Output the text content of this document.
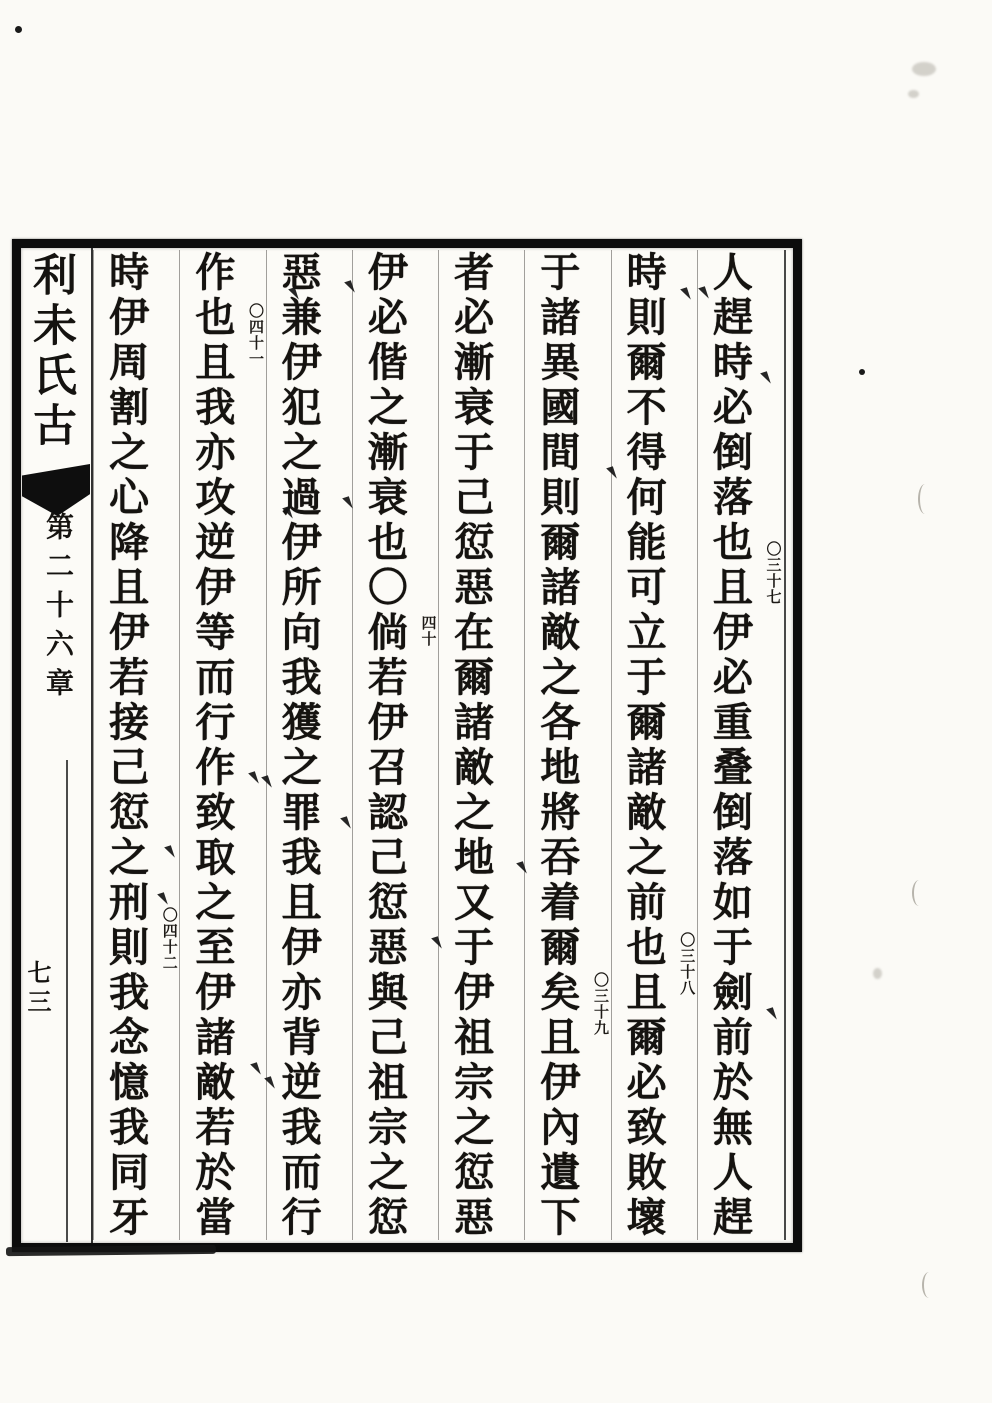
利未氏古
第二十六章
七三
人
趕
時
必
倒
落
也
且
伊
必
重
叠
倒
落
如
于
劍
前
於
無
人
趕
〇
三
十
七
時
則
爾
不
得
何
能
可
立
于
爾
諸
敵
之
前
也
且
爾
必
致
敗
壞
〇
三
十
八
于
諸
異
國
間
則
爾
諸
敵
之
各
地
將
吞
着
爾
矣
且
伊
內
遺
下
〇
三
十
九
者
必
漸
衰
于
己
愆
惡
在
爾
諸
敵
之
地
又
于
伊
祖
宗
之
愆
惡
伊
必
偕
之
漸
衰
也
〇
倘
若
伊
召
認
己
愆
惡
與
己
祖
宗
之
愆
四
十
惡
兼
伊
犯
之
過
伊
所
向
我
獲
之
罪
我
且
伊
亦
背
逆
我
而
行
作
也
且
我
亦
攻
逆
伊
等
而
行
作
致
取
之
至
伊
諸
敵
若
於
當
〇
四
十
一
時
伊
周
割
之
心
降
且
伊
若
接
己
愆
之
刑
則
我
念
憶
我
同
牙
〇
四
十
二
